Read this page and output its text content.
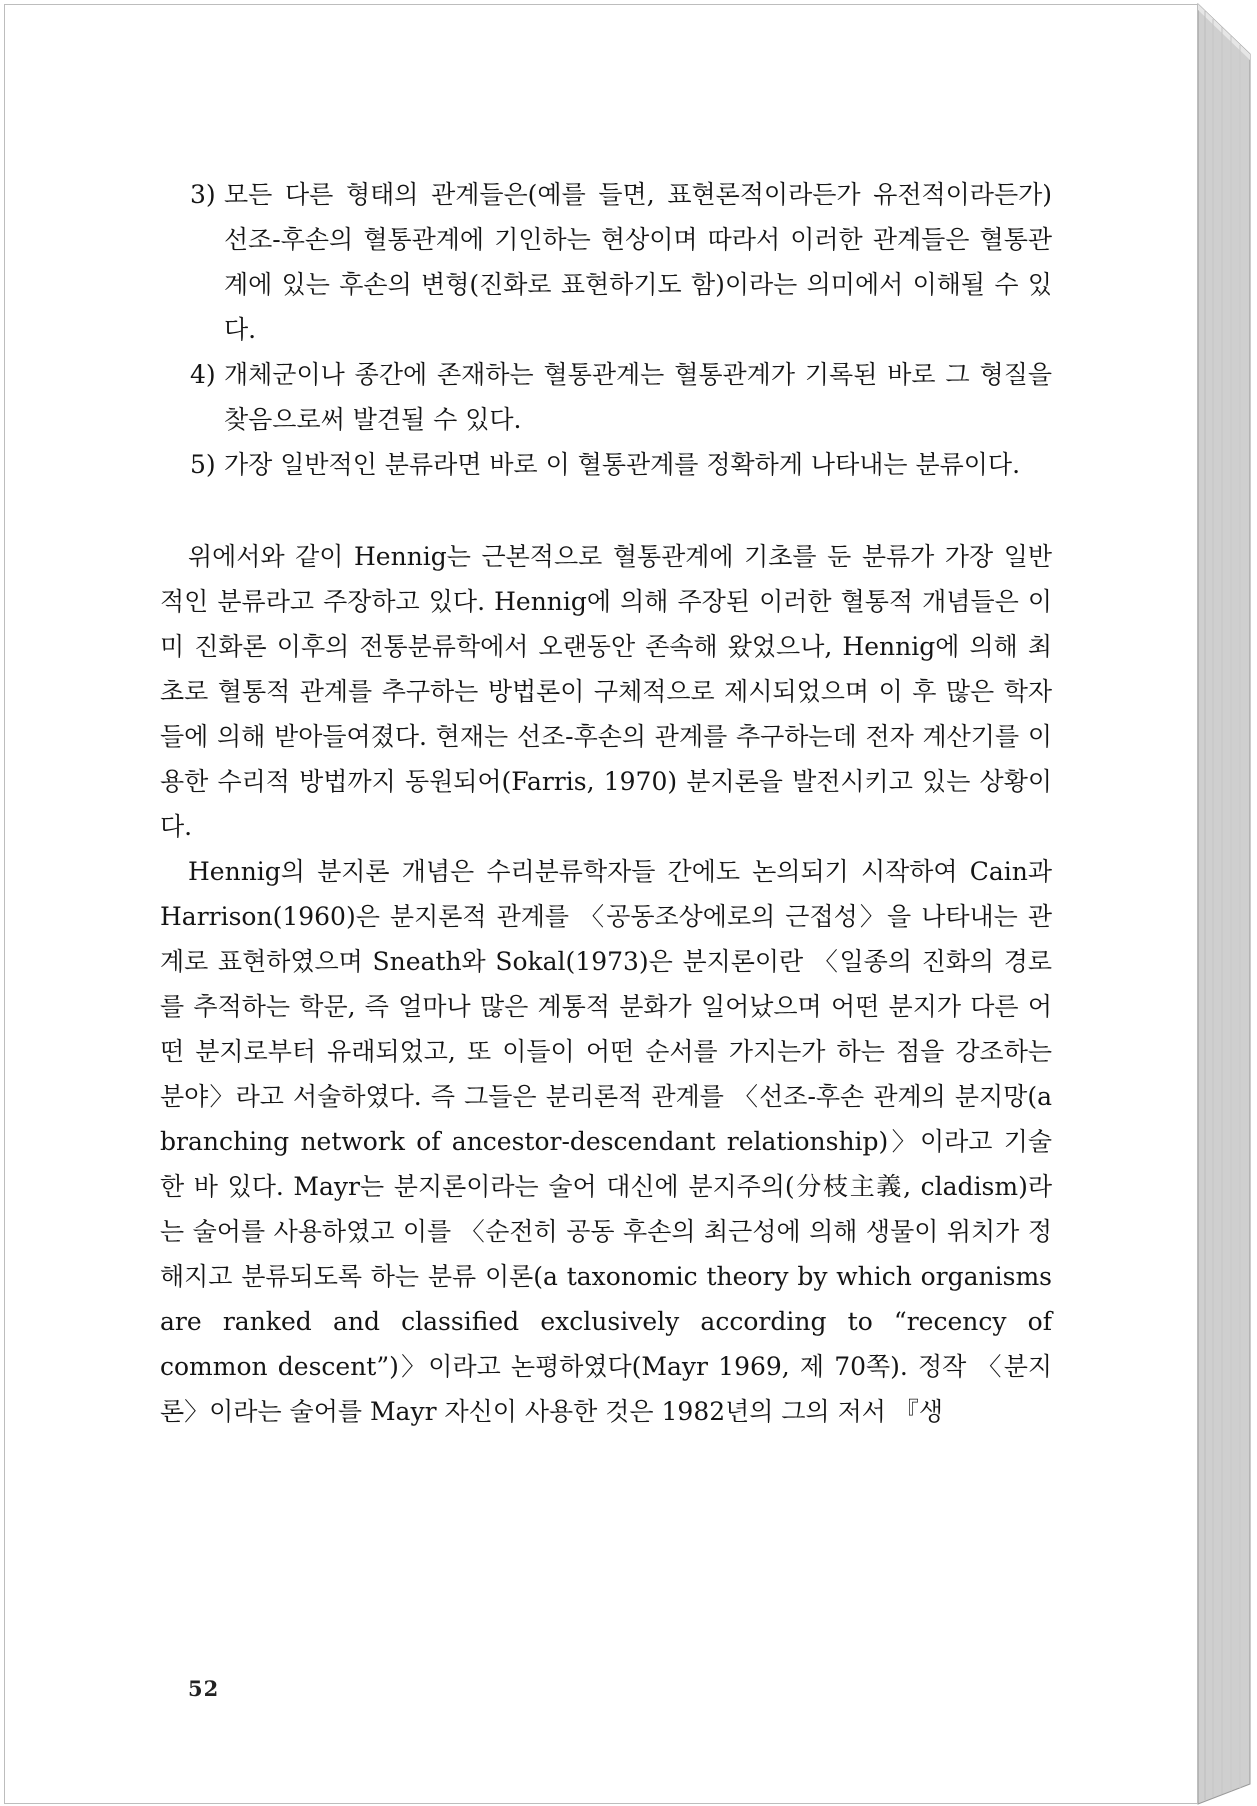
3) 모든 다른 형태의 관계들은(예를 들면, 표현론적이라든가 유전적이라든가) 선조-후손의 혈통관계에 기인하는 현상이며 따라서 이러한 관계들은 혈통관계에 있는 후손의 변형(진화로 표현하기도 함)이라는 의미에서 이해될 수 있다.
4) 개체군이나 종간에 존재하는 혈통관계는 혈통관계가 기록된 바로 그 형질을 찾음으로써 발견될 수 있다.
5) 가장 일반적인 분류라면 바로 이 혈통관계를 정확하게 나타내는 분류이다.

위에서와 같이 Hennig는 근본적으로 혈통관계에 기초를 둔 분류가 가장 일반적인 분류라고 주장하고 있다. Hennig에 의해 주장된 이러한 혈통적 개념들은 이미 진화론 이후의 전통분류학에서 오랜동안 존속해 왔었으나, Hennig에 의해 최초로 혈통적 관계를 추구하는 방법론이 구체적으로 제시되었으며 이 후 많은 학자들에 의해 받아들여졌다. 현재는 선조-후손의 관계를 추구하는데 전자 계산기를 이용한 수리적 방법까지 동원되어(Farris, 1970) 분지론을 발전시키고 있는 상황이다.

Hennig의 분지론 개념은 수리분류학자들 간에도 논의되기 시작하여 Cain과 Harrison(1960)은 분지론적 관계를 〈공동조상에로의 근접성〉을 나타내는 관계로 표현하였으며 Sneath와 Sokal(1973)은 분지론이란 〈일종의 진화의 경로를 추적하는 학문, 즉 얼마나 많은 계통적 분화가 일어났으며 어떤 분지가 다른 어떤 분지로부터 유래되었고, 또 이들이 어떤 순서를 가지는가 하는 점을 강조하는 분야〉라고 서술하였다. 즉 그들은 분리론적 관계를 〈선조-후손 관계의 분지망(a branching network of ancestor-descendant relationship)〉이라고 기술한 바 있다. Mayr는 분지론이라는 술어 대신에 분지주의(分枝主義, cladism)라는 술어를 사용하였고 이를 〈순전히 공동 후손의 최근성에 의해 생물이 위치가 정해지고 분류되도록 하는 분류 이론(a taxonomic theory by which organisms are ranked and classified exclusively according to “recency of common descent”)〉이라고 논평하였다(Mayr 1969, 제 70쪽). 정작 〈분지론〉이라는 술어를 Mayr 자신이 사용한 것은 1982년의 그의 저서 『생

52
